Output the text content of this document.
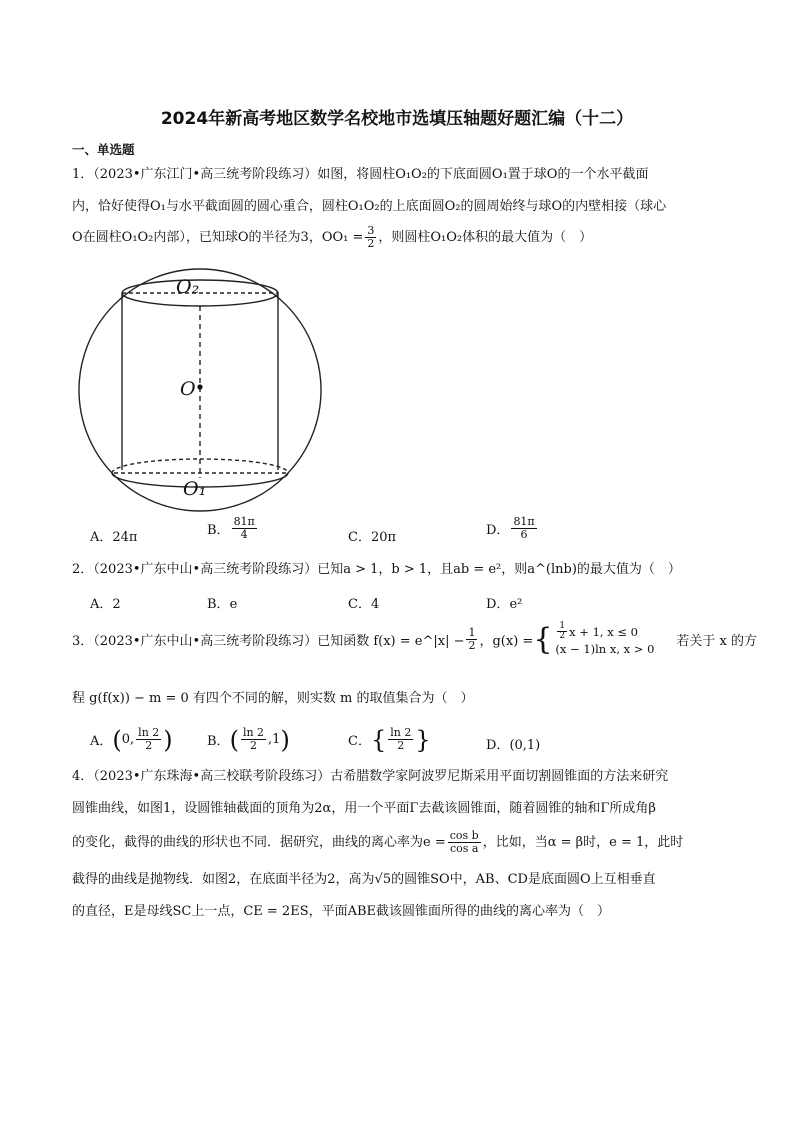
2024年新高考地区数学名校地市选填压轴题好题汇编（十二）
一、单选题
1．（2023•广东江门•高三统考阶段练习）如图，将圆柱O₁O₂的下底面圆O₁置于球O的一个水平截面
内，恰好使得O₁与水平截面圆的圆心重合，圆柱O₁O₂的上底面圆O₂的圆周始终与球O的内壁相接（球心
O在圆柱O₁O₂内部），已知球O的半径为3，$OO_1 = \frac{3}{2}$ ，则圆柱O₁O₂体积的最大值为（　）
O₂
O
O₁
A．24π	B． $\frac{81\pi}{4}$	C．20π	D． $\frac{81\pi}{6}$
2．（2023•广东中山•高三统考阶段练习）已知a > 1，b > 1，且ab = e²，则a^(lnb)的最大值为（　）
A．2	B．e	C．4	D．e²
3．（2023•广东中山•高三统考阶段练习）已知函数 f(x) = e^|x| − $\frac{1}{2}$ ，g(x) = { $\frac{1}{2}$ x + 1, x ≤ 0
(x − 1)ln x, x > 0 若关于 x 的方
程 g(f(x)) − m = 0 有四个不同的解，则实数 m 的取值集合为（　）
A． ( 0, $\frac{\ln 2}{2}$ )	B． ( $\frac{\ln 2}{2} ,1$ )	C． { $\frac{\ln 2}{2}$ }	D．(0,1)
4．（2023•广东珠海•高三校联考阶段练习）古希腊数学家阿波罗尼斯采用平面切割圆锥面的方法来研究
圆锥曲线，如图1，设圆锥轴截面的顶角为2α，用一个平面Γ去截该圆锥面，随着圆锥的轴和Γ所成角β
的变化，截得的曲线的形状也不同．据研究，曲线的离心率为$e = \frac{\text{cos b}}{\text{cos a}}$ ，比如，当α = β时，e = 1，此时
截得的曲线是抛物线．如图2，在底面半径为2，高为√5的圆锥SO中，AB、CD是底面圆O上互相垂直
的直径，E是母线SC上一点，CE = 2ES，平面ABE截该圆锥面所得的曲线的离心率为（　）
